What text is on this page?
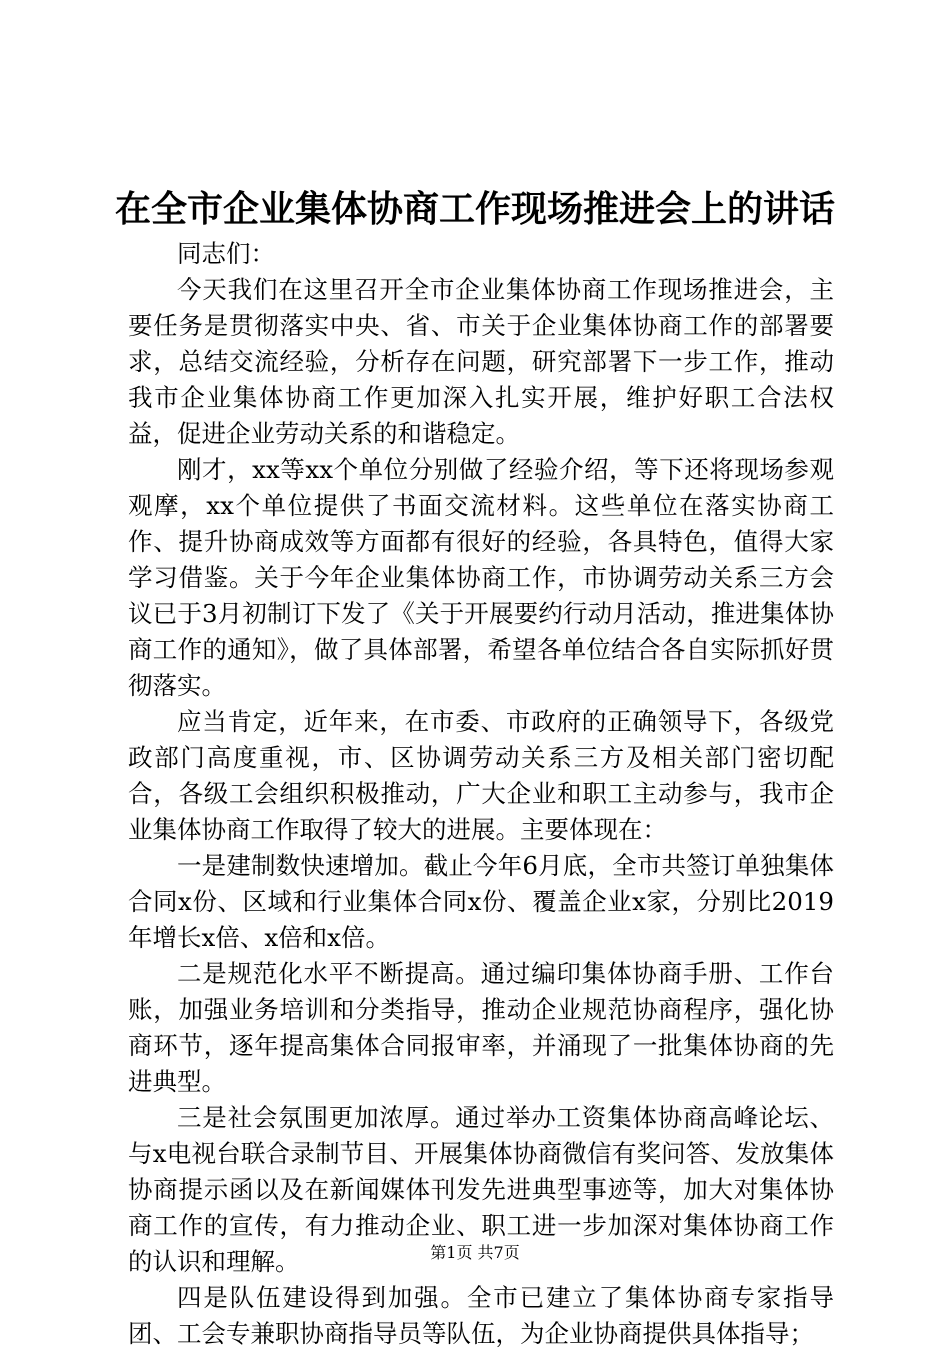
在全市企业集体协商工作现场推进会上的讲话

同志们：

今天我们在这里召开全市企业集体协商工作现场推进会，主要任务是贯彻落实中央、省、市关于企业集体协商工作的部署要求，总结交流经验，分析存在问题，研究部署下一步工作，推动我市企业集体协商工作更加深入扎实开展，维护好职工合法权益，促进企业劳动关系的和谐稳定。

刚才，xx等xx个单位分别做了经验介绍，等下还将现场参观观摩，xx个单位提供了书面交流材料。这些单位在落实协商工作、提升协商成效等方面都有很好的经验，各具特色，值得大家学习借鉴。关于今年企业集体协商工作，市协调劳动关系三方会议已于3月初制订下发了《关于开展要约行动月活动，推进集体协商工作的通知》，做了具体部署，希望各单位结合各自实际抓好贯彻落实。

应当肯定，近年来，在市委、市政府的正确领导下，各级党政部门高度重视，市、区协调劳动关系三方及相关部门密切配合，各级工会组织积极推动，广大企业和职工主动参与，我市企业集体协商工作取得了较大的进展。主要体现在：

一是建制数快速增加。截止今年6月底，全市共签订单独集体合同x份、区域和行业集体合同x份、覆盖企业x家，分别比2019年增长x倍、x倍和x倍。

二是规范化水平不断提高。通过编印集体协商手册、工作台账，加强业务培训和分类指导，推动企业规范协商程序，强化协商环节，逐年提高集体合同报审率，并涌现了一批集体协商的先进典型。

三是社会氛围更加浓厚。通过举办工资集体协商高峰论坛、与x电视台联合录制节目、开展集体协商微信有奖问答、发放集体协商提示函以及在新闻媒体刊发先进典型事迹等，加大对集体协商工作的宣传，有力推动企业、职工进一步加深对集体协商工作的认识和理解。

四是队伍建设得到加强。全市已建立了集体协商专家指导团、工会专兼职协商指导员等队伍，为企业协商提供具体指导；

第1页 共7页
